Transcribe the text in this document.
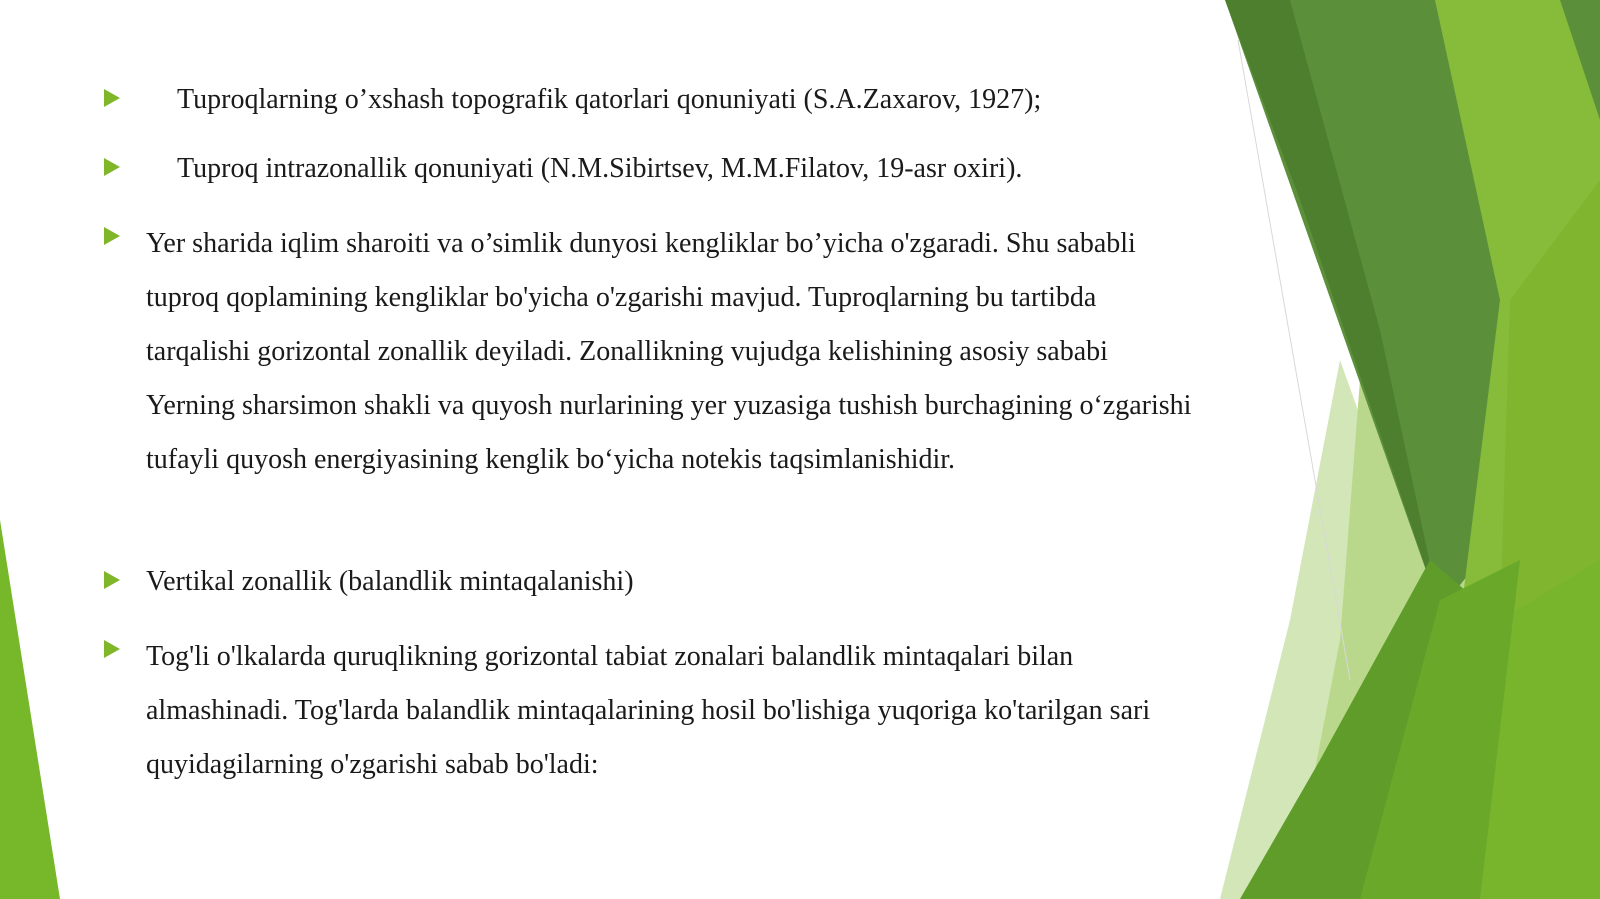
Tuproqlarning o’xshash topografik qatorlari qonuniyati (S.A.Zaxarov, 1927);
Tuproq intrazonallik qonuniyati (N.M.Sibirtsev, M.M.Filatov, 19-asr oxiri).
Yer sharida iqlim sharoiti va o’simlik dunyosi kengliklar bo’yicha o'zgaradi. Shu sababli tuproq qoplamining kengliklar bo'yicha o'zgarishi mavjud. Tuproqlarning bu tartibda tarqalishi gorizontal zonallik deyiladi. Zonallikning vujudga kelishining asosiy sababi Yerning sharsimon shakli va quyosh nurlarining yer yuzasiga tushish burchagining o‘zgarishi tufayli quyosh energiyasining kenglik bo‘yicha notekis taqsimlanishidir.
Vertikal zonallik (balandlik mintaqalanishi)
Tog'li o'lkalarda quruqlikning gorizontal tabiat zonalari balandlik mintaqalari bilan almashinadi. Tog'larda balandlik mintaqalarining hosil bo'lishiga yuqoriga ko'tarilgan sari quyidagilarning o'zgarishi sabab bo'ladi:
